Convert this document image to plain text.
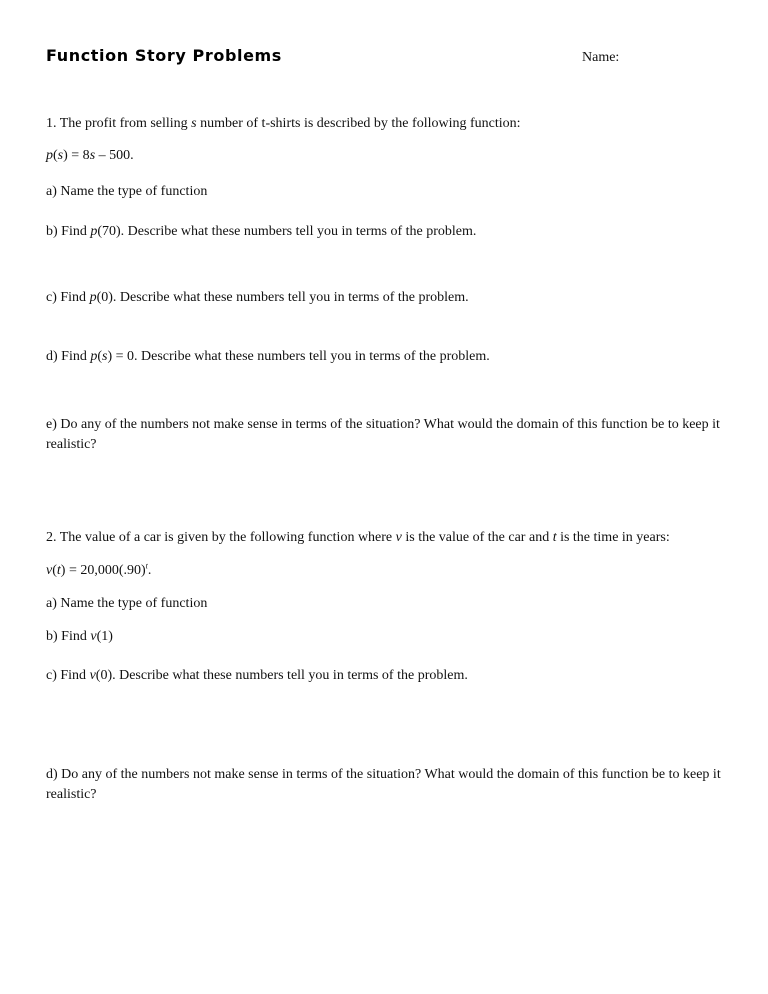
Function Story Problems	Name:
1. The profit from selling s number of t-shirts is described by the following function:
p(s) = 8s – 500.
a) Name the type of function
b) Find p(70). Describe what these numbers tell you in terms of the problem.
c) Find p(0). Describe what these numbers tell you in terms of the problem.
d) Find p(s) = 0. Describe what these numbers tell you in terms of the problem.
e) Do any of the numbers not make sense in terms of the situation? What would the domain of this function be to keep it realistic?
2. The value of a car is given by the following function where v is the value of the car and t is the time in years:
$v(t) = 20,000(.90)^t$.
a) Name the type of function
b) Find v(1)
c) Find v(0). Describe what these numbers tell you in terms of the problem.
d) Do any of the numbers not make sense in terms of the situation? What would the domain of this function be to keep it realistic?
